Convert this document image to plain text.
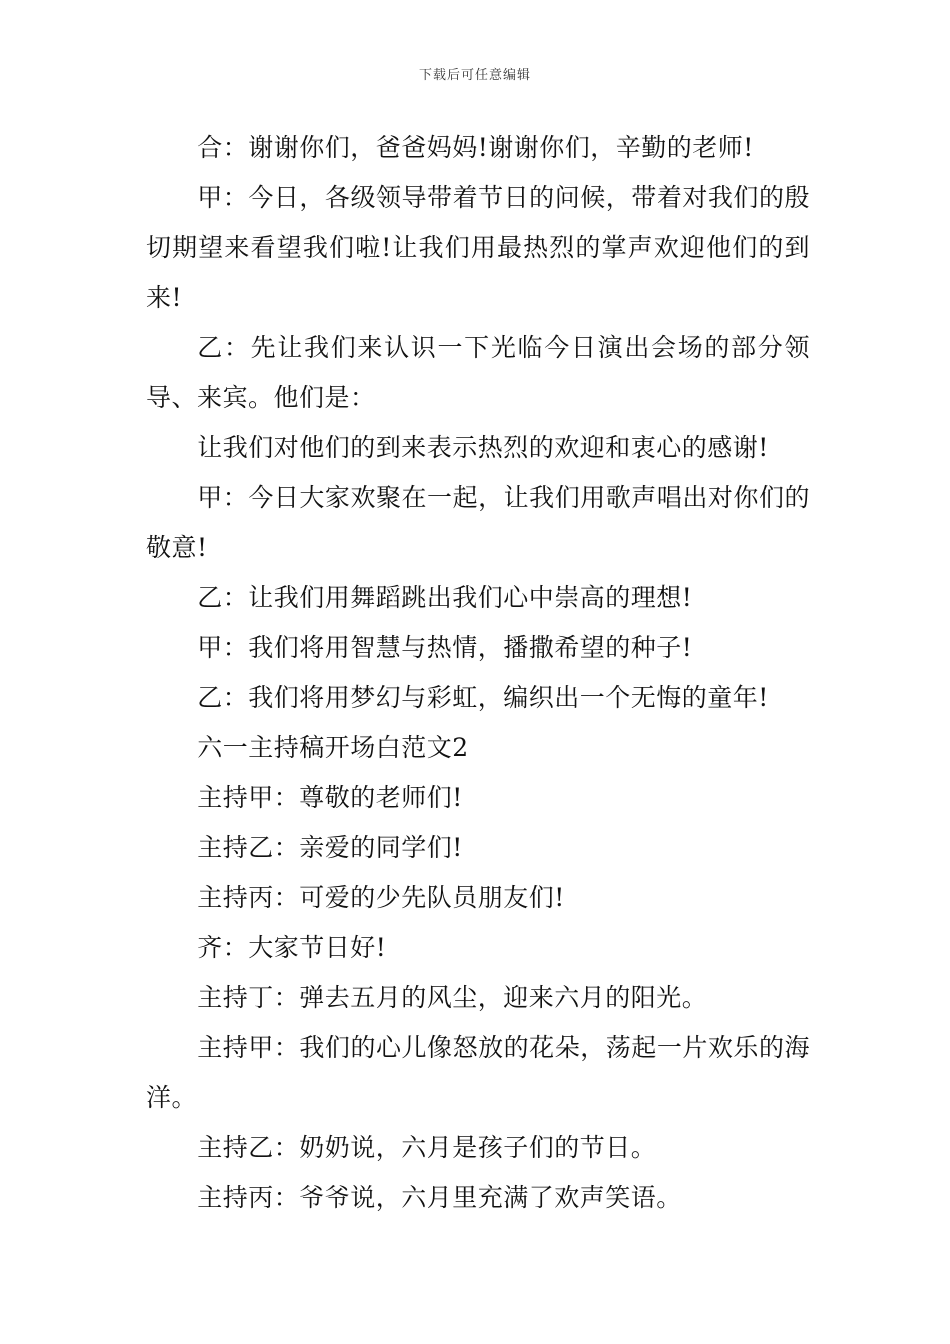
下载后可任意编辑

合：谢谢你们，爸爸妈妈!谢谢你们，辛勤的老师!

甲：今日，各级领导带着节日的问候，带着对我们的殷切期望来看望我们啦!让我们用最热烈的掌声欢迎他们的到来!

乙：先让我们来认识一下光临今日演出会场的部分领导、来宾。他们是：

让我们对他们的到来表示热烈的欢迎和衷心的感谢!

甲：今日大家欢聚在一起，让我们用歌声唱出对你们的敬意!

乙：让我们用舞蹈跳出我们心中崇高的理想!

甲：我们将用智慧与热情，播撒希望的种子!

乙：我们将用梦幻与彩虹，编织出一个无悔的童年!

六一主持稿开场白范文2

主持甲：尊敬的老师们!

主持乙：亲爱的同学们!

主持丙：可爱的少先队员朋友们!

齐：大家节日好!

主持丁：弹去五月的风尘，迎来六月的阳光。

主持甲：我们的心儿像怒放的花朵，荡起一片欢乐的海洋。

主持乙：奶奶说，六月是孩子们的节日。

主持丙：爷爷说，六月里充满了欢声笑语。
